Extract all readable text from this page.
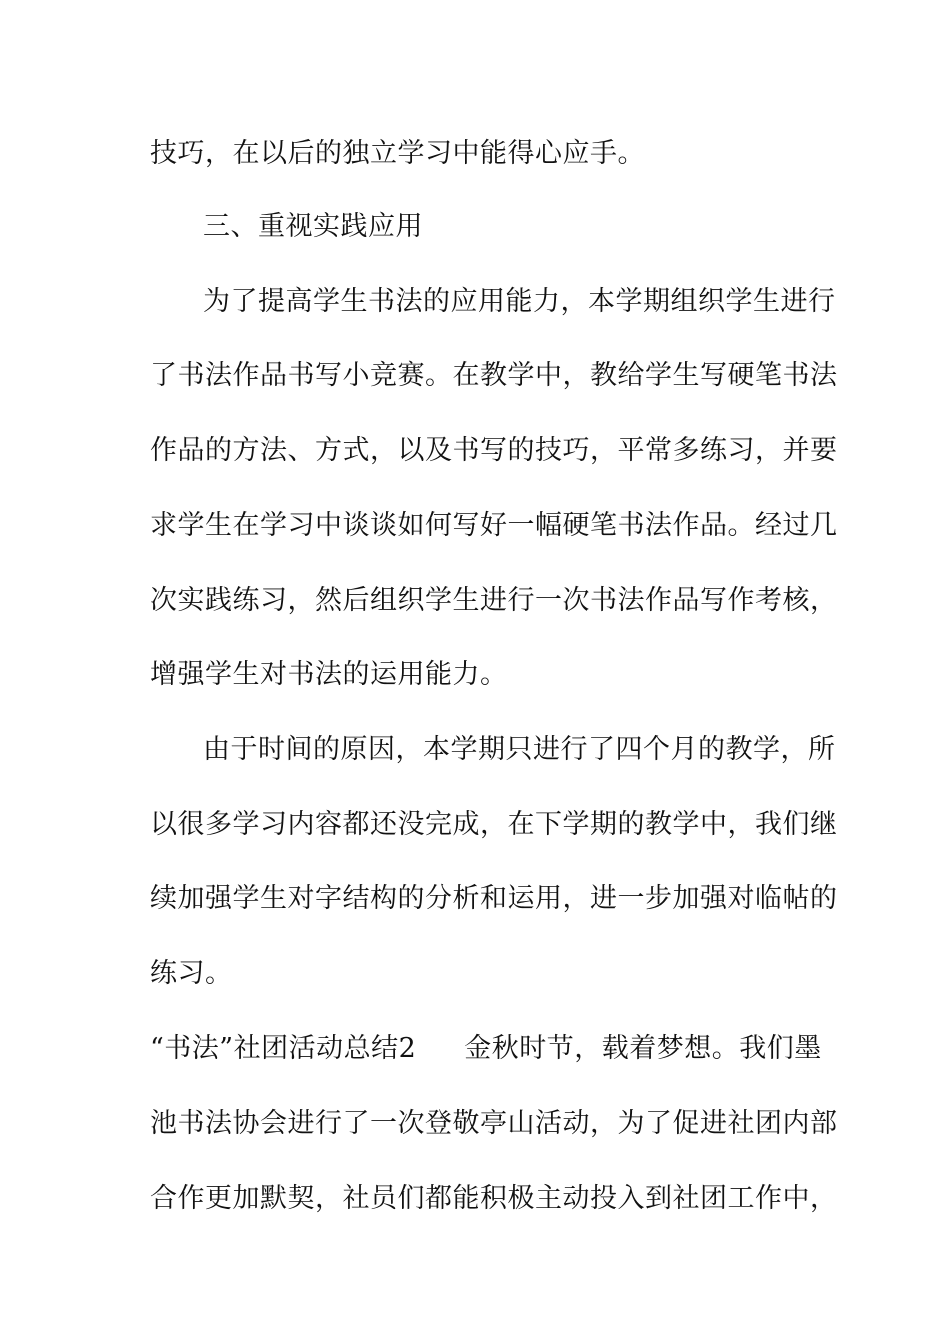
技巧，在以后的独立学习中能得心应手。
三、重视实践应用
为了提高学生书法的应用能力，本学期组织学生进行
了书法作品书写小竞赛。在教学中，教给学生写硬笔书法
作品的方法、方式，以及书写的技巧，平常多练习，并要
求学生在学习中谈谈如何写好一幅硬笔书法作品。经过几
次实践练习，然后组织学生进行一次书法作品写作考核，
增强学生对书法的运用能力。
由于时间的原因，本学期只进行了四个月的教学，所
以很多学习内容都还没完成，在下学期的教学中，我们继
续加强学生对字结构的分析和运用，进一步加强对临帖的
练习。
“书法”社团活动总结2 金秋时节，载着梦想。我们墨
池书法协会进行了一次登敬亭山活动，为了促进社团内部
合作更加默契，社员们都能积极主动投入到社团工作中，
